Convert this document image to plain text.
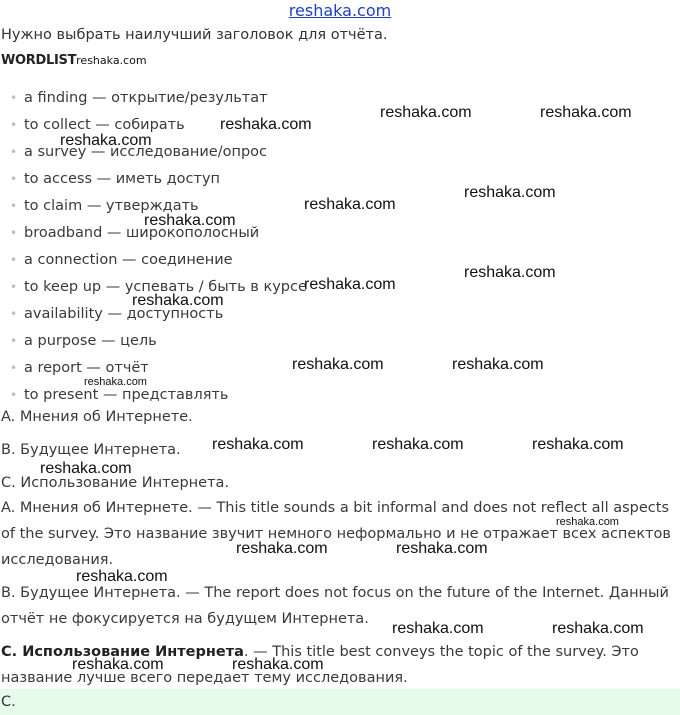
reshaka.com
Нужно выбрать наилучший заголовок для отчёта.
WORDLISTreshaka.com
• a finding — открытие/результат
• to collect — собирать
• a survey — исследование/опрос
• to access — иметь доступ
• to claim — утверждать
• broadband — широкополосный
• a connection — соединение
• to keep up — успевать / быть в курсе
• availability — доступность
• a purpose — цель
• a report — отчёт
• to present — представлять
A. Мнения об Интернете.
B. Будущее Интернета.
C. Использование Интернета.
A. Мнения об Интернете. — This title sounds a bit informal and does not reflect all aspects
of the survey. Это название звучит немного неформально и не отражает всех аспектов
исследования.
B. Будущее Интернета. — The report does not focus on the future of the Internet. Данный
отчёт не фокусируется на будущем Интернета.
C. Использование Интернета. — This title best conveys the topic of the survey. Это
название лучше всего передает тему исследования.
C.
reshaka.com
reshaka.com	reshaka.com
reshaka.com
reshaka.com
reshaka.com
reshaka.com
reshaka.com
reshaka.com
reshaka.com
reshaka.com	reshaka.com
reshaka.com
reshaka.com	reshaka.com	reshaka.com
reshaka.com
reshaka.com
reshaka.com	reshaka.com
reshaka.com
reshaka.com	reshaka.com
reshaka.com	reshaka.com
